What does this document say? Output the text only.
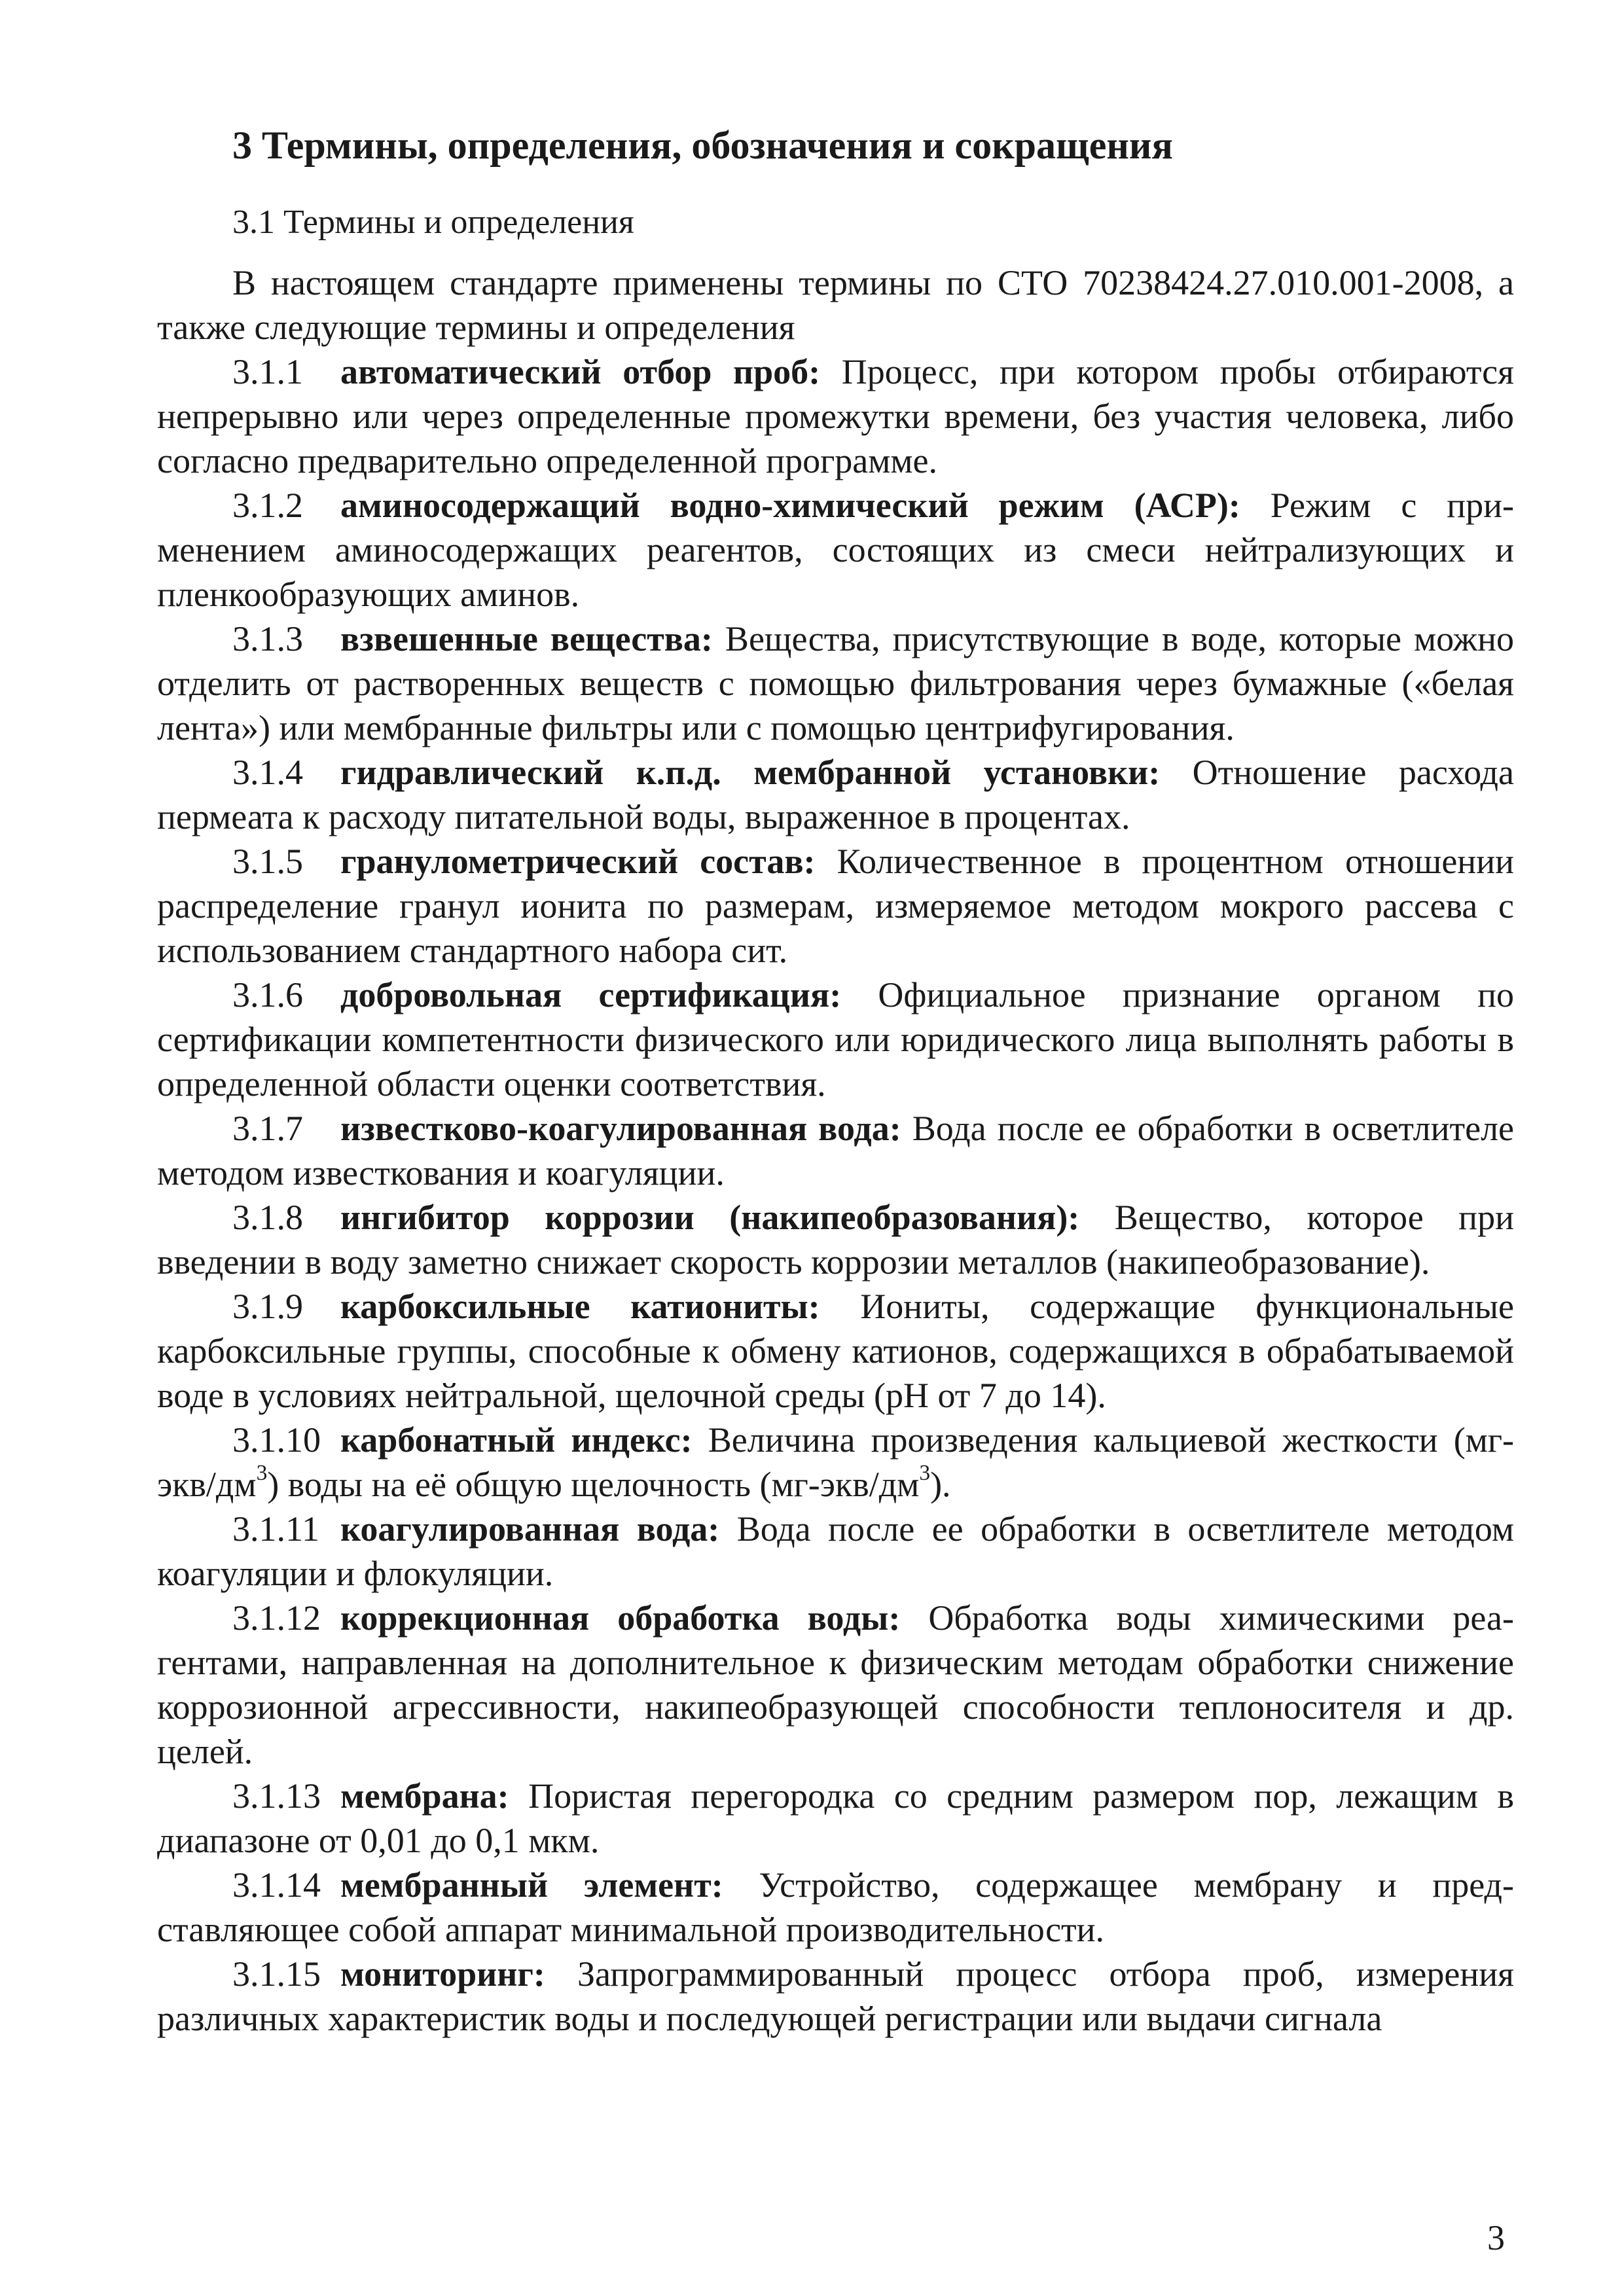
3 Термины, определения, обозначения и сокращения

3.1 Термины и определения

В настоящем стандарте применены термины по СТО 70238424.27.010.001-2008, а также следующие термины и определения

3.1.1 автоматический отбор проб: Процесс, при котором пробы отбираются непрерывно или через определенные промежутки времени, без участия человека, либо согласно предварительно определенной программе.

3.1.2 аминосодержащий водно-химический режим (АСР): Режим с применением аминосодержащих реагентов, состоящих из смеси нейтрализующих и пленкообразующих аминов.

3.1.3 взвешенные вещества: Вещества, присутствующие в воде, которые можно отделить от растворенных веществ с помощью фильтрования через бумажные («белая лента») или мембранные фильтры или с помощью центрифугирования.

3.1.4 гидравлический к.п.д. мембранной установки: Отношение расхода пермеата к расходу питательной воды, выраженное в процентах.

3.1.5 гранулометрический состав: Количественное в процентном отношении распределение гранул ионита по размерам, измеряемое методом мокрого рассева с использованием стандартного набора сит.

3.1.6 добровольная сертификация: Официальное признание органом по сертификации компетентности физического или юридического лица выполнять работы в определенной области оценки соответствия.

3.1.7 известково-коагулированная вода: Вода после ее обработки в осветлителе методом известкования и коагуляции.

3.1.8 ингибитор коррозии (накипеобразования): Вещество, которое при введении в воду заметно снижает скорость коррозии металлов (накипеобразование).

3.1.9 карбоксильные катиониты: Иониты, содержащие функциональные карбоксильные группы, способные к обмену катионов, содержащихся в обрабатываемой воде в условиях нейтральной, щелочной среды (pH от 7 до 14).

3.1.10 карбонатный индекс: Величина произведения кальциевой жесткости $(мг-экв/дм^3)$ воды на её общую щелочность $(мг-экв/дм^3)$.

3.1.11 коагулированная вода: Вода после ее обработки в осветлителе методом коагуляции и флокуляции.

3.1.12 коррекционная обработка воды: Обработка воды химическими реагентами, направленная на дополнительное к физическим методам обработки снижение коррозионной агрессивности, накипеобразующей способности теплоносителя и др. целей.

3.1.13 мембрана: Пористая перегородка со средним размером пор, лежащим в диапазоне от 0,01 до 0,1 мкм.

3.1.14 мембранный элемент: Устройство, содержащее мембрану и представляющее собой аппарат минимальной производительности.

3.1.15 мониторинг: Запрограммированный процесс отбора проб, измерения различных характеристик воды и последующей регистрации или выдачи сигнала

3
